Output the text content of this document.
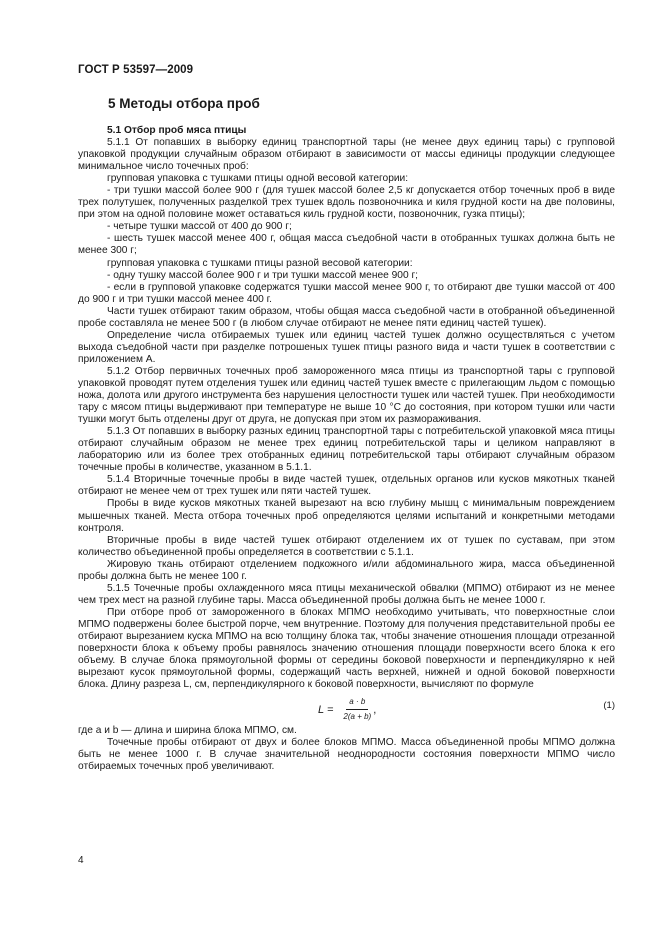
ГОСТ Р 53597—2009
5 Методы отбора проб

5.1 Отбор проб мяса птицы

5.1.1 От попавших в выборку единиц транспортной тары (не менее двух единиц тары) с групповой упаковкой продукции случайным образом отбирают в зависимости от массы единицы продукции следующее минимальное число точечных проб:

групповая упаковка с тушками птицы одной весовой категории:

- три тушки массой более 900 г (для тушек массой более 2,5 кг допускается отбор точечных проб в виде трех полутушек, полученных разделкой трех тушек вдоль позвоночника и киля грудной кости на две половины, при этом на одной половине может оставаться киль грудной кости, позвоночник, гузка птицы);

- четыре тушки массой от 400 до 900 г;

- шесть тушек массой менее 400 г, общая масса съедобной части в отобранных тушках должна быть не менее 300 г;

групповая упаковка с тушками птицы разной весовой категории:

- одну тушку массой более 900 г и три тушки массой менее 900 г;

- если в групповой упаковке содержатся тушки массой менее 900 г, то отбирают две тушки массой от 400 до 900 г и три тушки массой менее 400 г.

Части тушек отбирают таким образом, чтобы общая масса съедобной части в отобранной объединенной пробе составляла не менее 500 г (в любом случае отбирают не менее пяти единиц частей тушек).

Определение числа отбираемых тушек или единиц частей тушек должно осуществляться с учетом выхода съедобной части при разделке потрошеных тушек птицы разного вида и части тушек в соответствии с приложением А.

5.1.2 Отбор первичных точечных проб замороженного мяса птицы из транспортной тары с групповой упаковкой проводят путем отделения тушек или единиц частей тушек вместе с прилегающим льдом с помощью ножа, долота или другого инструмента без нарушения целостности тушек или частей тушек. При необходимости тару с мясом птицы выдерживают при температуре не выше 10 °С до состояния, при котором тушки или части тушки могут быть отделены друг от друга, не допуская при этом их размораживания.

5.1.3 От попавших в выборку разных единиц транспортной тары с потребительской упаковкой мяса птицы отбирают случайным образом не менее трех единиц потребительской тары и целиком направляют в лабораторию или из более трех отобранных единиц потребительской тары отбирают случайным образом точечные пробы в количестве, указанном в 5.1.1.

5.1.4 Вторичные точечные пробы в виде частей тушек, отдельных органов или кусков мякотных тканей отбирают не менее чем от трех тушек или пяти частей тушек.

Пробы в виде кусков мякотных тканей вырезают на всю глубину мышц с минимальным повреждением мышечных тканей. Места отбора точечных проб определяются целями испытаний и конкретными методами контроля.

Вторичные пробы в виде частей тушек отбирают отделением их от тушек по суставам, при этом количество объединенной пробы определяется в соответствии с 5.1.1.

Жировую ткань отбирают отделением подкожного и/или абдоминального жира, масса объединенной пробы должна быть не менее 100 г.

5.1.5 Точечные пробы охлажденного мяса птицы механической обвалки (МПМО) отбирают из не менее чем трех мест на разной глубине тары. Масса объединенной пробы должна быть не менее 1000 г.

При отборе проб от замороженного в блоках МПМО необходимо учитывать, что поверхностные слои МПМО подвержены более быстрой порче, чем внутренние. Поэтому для получения представительной пробы ее отбирают вырезанием куска МПМО на всю толщину блока так, чтобы значение отношения площади отрезанной поверхности блока к объему пробы равнялось значению отношения площади поверхности всего блока к его объему. В случае блока прямоугольной формы от середины боковой поверхности и перпендикулярно к ней вырезают кусок прямоугольной формы, содержащий часть верхней, нижней и одной боковой поверхности блока. Длину разреза L, см, перпендикулярного к боковой поверхности, вычисляют по формуле

$L = \frac{a \cdot b}{2(a + b)}$ ,	(1)

где a и b — длина и ширина блока МПМО, см.

Точечные пробы отбирают от двух и более блоков МПМО. Масса объединенной пробы МПМО должна быть не менее 1000 г. В случае значительной неоднородности состояния поверхности МПМО число отбираемых точечных проб увеличивают.

4
